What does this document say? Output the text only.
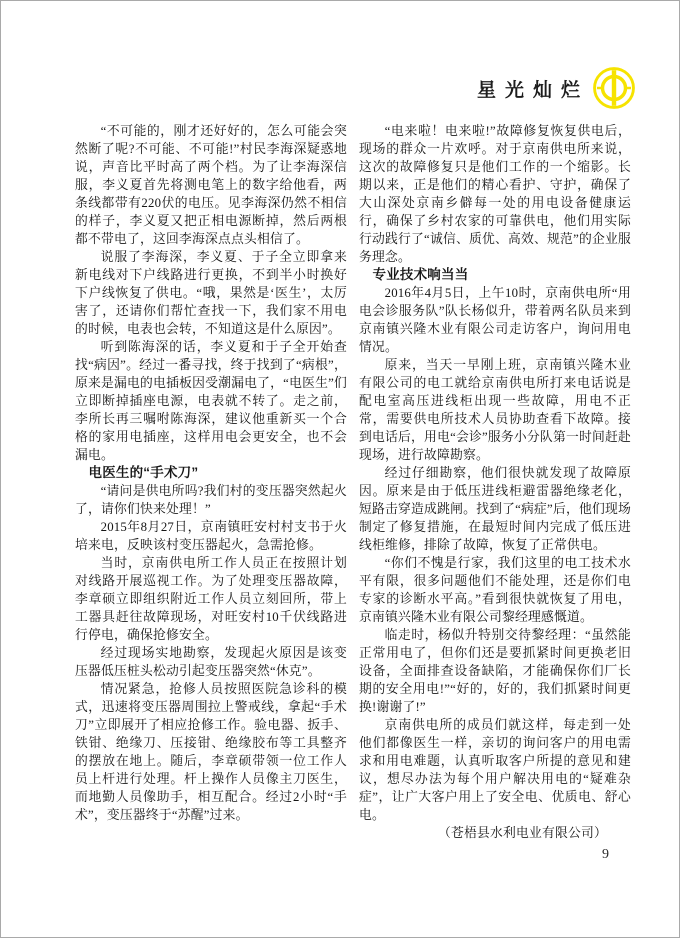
星光灿烂

“不可能的，刚才还好好的，怎么可能会突然断了呢?不可能、不可能!”村民李海深疑惑地说，声音比平时高了两个档。为了让李海深信服，李义夏首先将测电笔上的数字给他看，两条线都带有220伏的电压。见李海深仍然不相信的样子，李义夏又把正相电源断掉，然后两根都不带电了，这回李海深点点头相信了。

说服了李海深，李义夏、于子全立即拿来新电线对下户线路进行更换，不到半小时换好下户线恢复了供电。“哦，果然是‘医生’，太厉害了，还请你们帮忙查找一下，我们家不用电的时候，电表也会转，不知道这是什么原因”。

听到陈海深的话，李义夏和于子全开始查找“病因”。经过一番寻找，终于找到了“病根”，原来是漏电的电插板因受潮漏电了，“电医生”们立即断掉插座电源，电表就不转了。走之前，李所长再三嘱咐陈海深，建议他重新买一个合格的家用电插座，这样用电会更安全，也不会漏电。

电医生的“手术刀”

“请问是供电所吗?我们村的变压器突然起火了，请你们快来处理！”

2015年8月27日，京南镇旺安村村支书于火培来电，反映该村变压器起火，急需抢修。

当时，京南供电所工作人员正在按照计划对线路开展巡视工作。为了处理变压器故障，李章硕立即组织附近工作人员立刻回所，带上工器具赶往故障现场，对旺安村10千伏线路进行停电，确保抢修安全。

经过现场实地勘察，发现起火原因是该变压器低压桩头松动引起变压器突然“休克”。

情况紧急，抢修人员按照医院急诊科的模式，迅速将变压器周围拉上警戒线，拿起“手术刀”立即展开了相应抢修工作。验电器、扳手、铁钳、绝缘刀、压接钳、绝缘胶布等工具整齐的摆放在地上。随后，李章硕带领一位工作人员上杆进行处理。杆上操作人员像主刀医生，而地勤人员像助手，相互配合。经过2小时“手术”，变压器终于“苏醒”过来。

“电来啦！电来啦!”故障修复恢复供电后，现场的群众一片欢呼。对于京南供电所来说，这次的故障修复只是他们工作的一个缩影。长期以来，正是他们的精心看护、守护，确保了大山深处京南乡僻每一处的用电设备健康运行，确保了乡村农家的可靠供电，他们用实际行动践行了“诚信、质优、高效、规范”的企业服务理念。

专业技术响当当

2016年4月5日，上午10时，京南供电所“用电会诊服务队”队长杨似升，带着两名队员来到京南镇兴隆木业有限公司走访客户，询问用电情况。

原来，当天一早刚上班，京南镇兴隆木业有限公司的电工就给京南供电所打来电话说是配电室高压进线柜出现一些故障，用电不正常，需要供电所技术人员协助查看下故障。接到电话后，用电“会诊”服务小分队第一时间赶赴现场，进行故障勘察。

经过仔细勘察，他们很快就发现了故障原因。原来是由于低压进线柜避雷器绝缘老化，短路击穿造成跳闸。找到了“病症”后，他们现场制定了修复措施，在最短时间内完成了低压进线柜维修，排除了故障，恢复了正常供电。

“你们不愧是行家，我们这里的电工技术水平有限，很多问题他们不能处理，还是你们电专家的诊断水平高。”看到很快就恢复了用电，京南镇兴隆木业有限公司黎经理感慨道。

临走时，杨似升特别交待黎经理：“虽然能正常用电了，但你们还是要抓紧时间更换老旧设备，全面排查设备缺陷，才能确保你们厂长期的安全用电!”“好的，好的，我们抓紧时间更换!谢谢了!”

京南供电所的成员们就这样，每走到一处他们都像医生一样，亲切的询问客户的用电需求和用电难题，认真听取客户所提的意见和建议，想尽办法为每个用户解决用电的“疑难杂症”，让广大客户用上了安全电、优质电、舒心电。

（苍梧县水利电业有限公司）

9
